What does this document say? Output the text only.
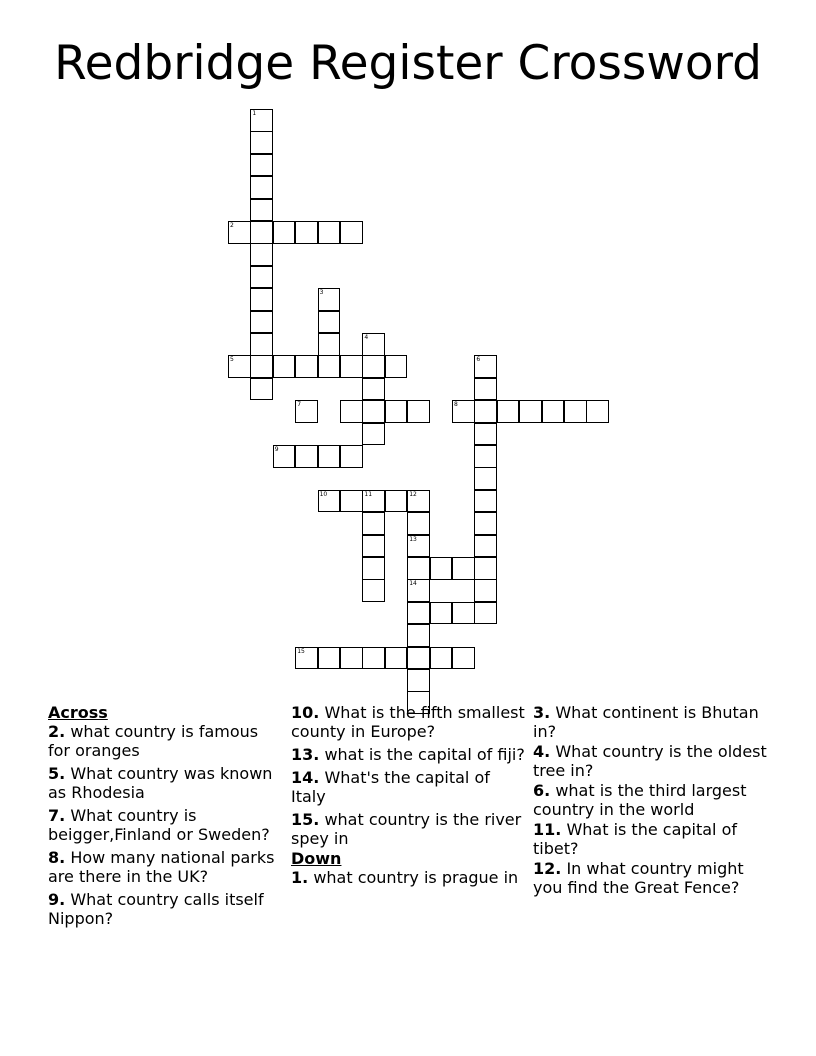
Redbridge Register Crossword
1
2
3
4
5
7
9
6
8
10	11	12
13
14
15
Across
2. what country is famous for oranges
5. What country was known as Rhodesia
7. What country is beigger,Finland or Sweden?
8. How many national parks are there in the UK?
9. What country calls itself Nippon?
10. What is the fifth smallest county in Europe?
13. what is the capital of fiji?
14. What's the capital of Italy
15. what country is the river spey in
Down
1. what country is prague in
3. What continent is Bhutan in?
4. What country is the oldest tree in?
6. what is the third largest country in the world
11. What is the capital of tibet?
12. In what country might you find the Great Fence?
